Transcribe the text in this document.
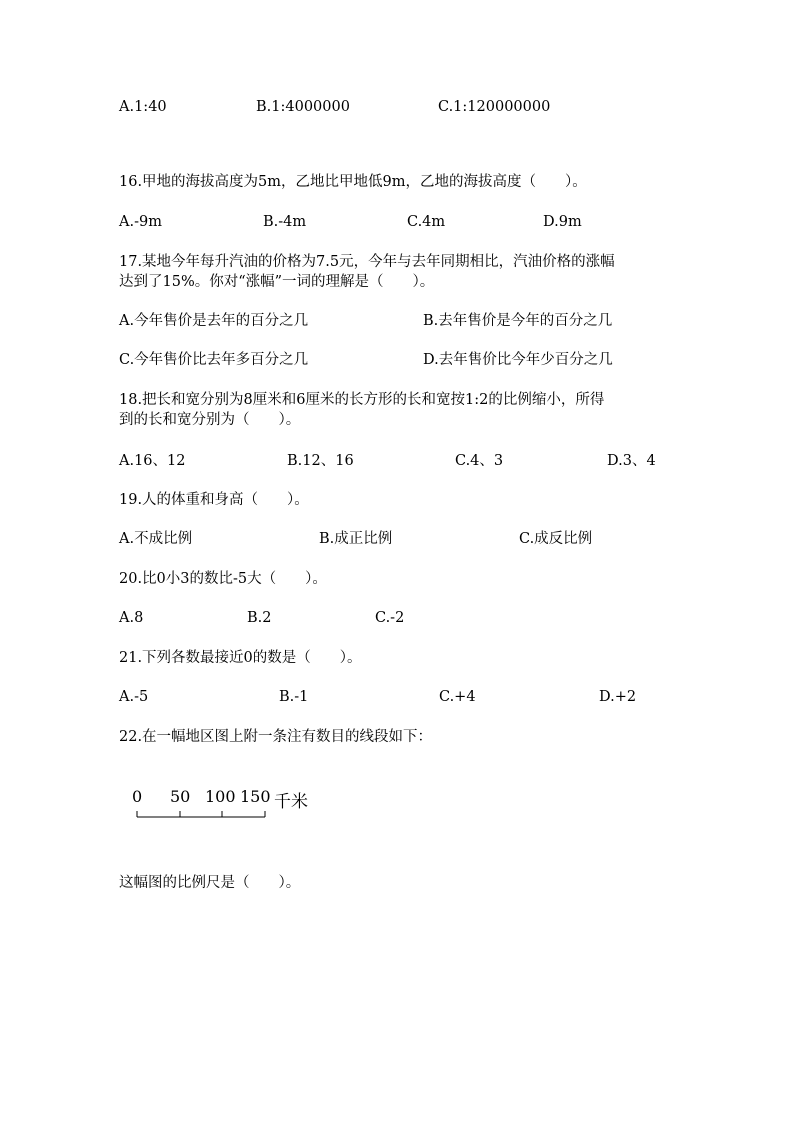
A.1:40	B.1:4000000	C.1:120000000
16.甲地的海拔高度为5m，乙地比甲地低9m，乙地的海拔高度（　　）。
A.-9m	B.-4m	C.4m	D.9m
17.某地今年每升汽油的价格为7.5元，今年与去年同期相比，汽油价格的涨幅
达到了15%。你对“涨幅”一词的理解是（　　）。
A.今年售价是去年的百分之几	B.去年售价是今年的百分之几
C.今年售价比去年多百分之几	D.去年售价比今年少百分之几
18.把长和宽分别为8厘米和6厘米的长方形的长和宽按1:2的比例缩小，所得
到的长和宽分别为（　　）。
A.16、12	B.12、16	C.4、3	D.3、4
19.人的体重和身高（　　）。
A.不成比例	B.成正比例	C.成反比例
20.比0小3的数比-5大（　　）。
A.8	B.2	C.-2
21.下列各数最接近0的数是（　　）。
A.-5	B.-1	C.+4	D.+2
22.在一幅地区图上附一条注有数目的线段如下：
0 50 100 150 千米
这幅图的比例尺是（　　）。
